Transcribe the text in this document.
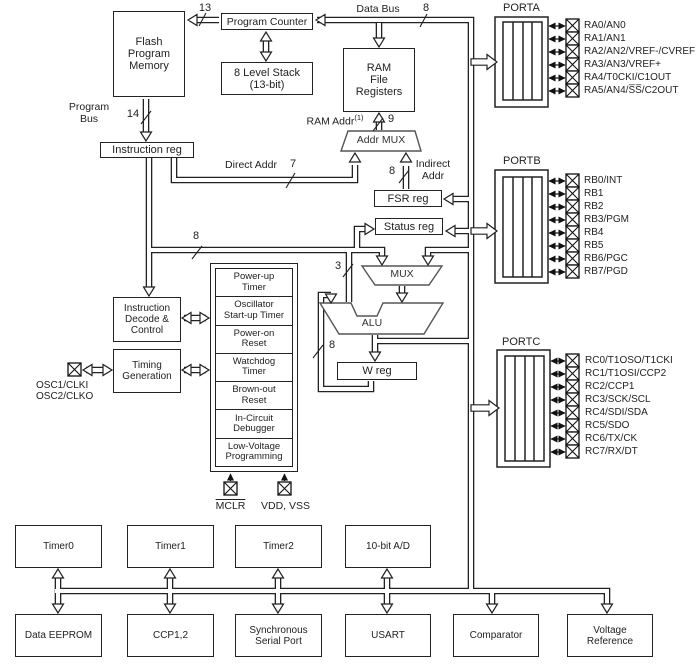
Flash
Program
Memory
Program Counter
8 Level Stack
(13-bit)
RAM
File
Registers
Instruction reg
FSR reg
Status reg
W reg
Instruction
Decode &
Control
Timing
Generation
Addr MUX
MUX
ALU
Power-up
Timer
Oscillator
Start-up Timer
Power-on
Reset
Watchdog
Timer
Brown-out
Reset
In-Circuit
Debugger
Low-Voltage
Programming
Data Bus
Program
Bus	RAM Addr$^{(1)}$
Direct Addr	Indirect
Addr
13	8
14	9
7
8
8
3
8
PORTA
PORTB
PORTC
RA0/AN0
RA1/AN1
RA2/AN2/VREF-/CVREF
RA3/AN3/VREF+
RA4/T0CKI/C1OUT
RA5/AN4/S̅S̅/C2OUT
RB0/INT
RB1
RB2
RB3/PGM
RB4
RB5
RB6/PGC
RB7/PGD
RC0/T1OSO/T1CKI
RC1/T1OSI/CCP2
RC2/CCP1
RC3/SCK/SCL
RC4/SDI/SDA
RC5/SDO
RC6/TX/CK
RC7/RX/DT
OSC1/CLKI
OSC2/CLKO
MCLR	VDD, VSS
Timer0	Timer1	Timer2	10-bit A/D
Data EEPROM	CCP1,2	Synchronous
Serial Port	USART	Comparator	Voltage
Reference
